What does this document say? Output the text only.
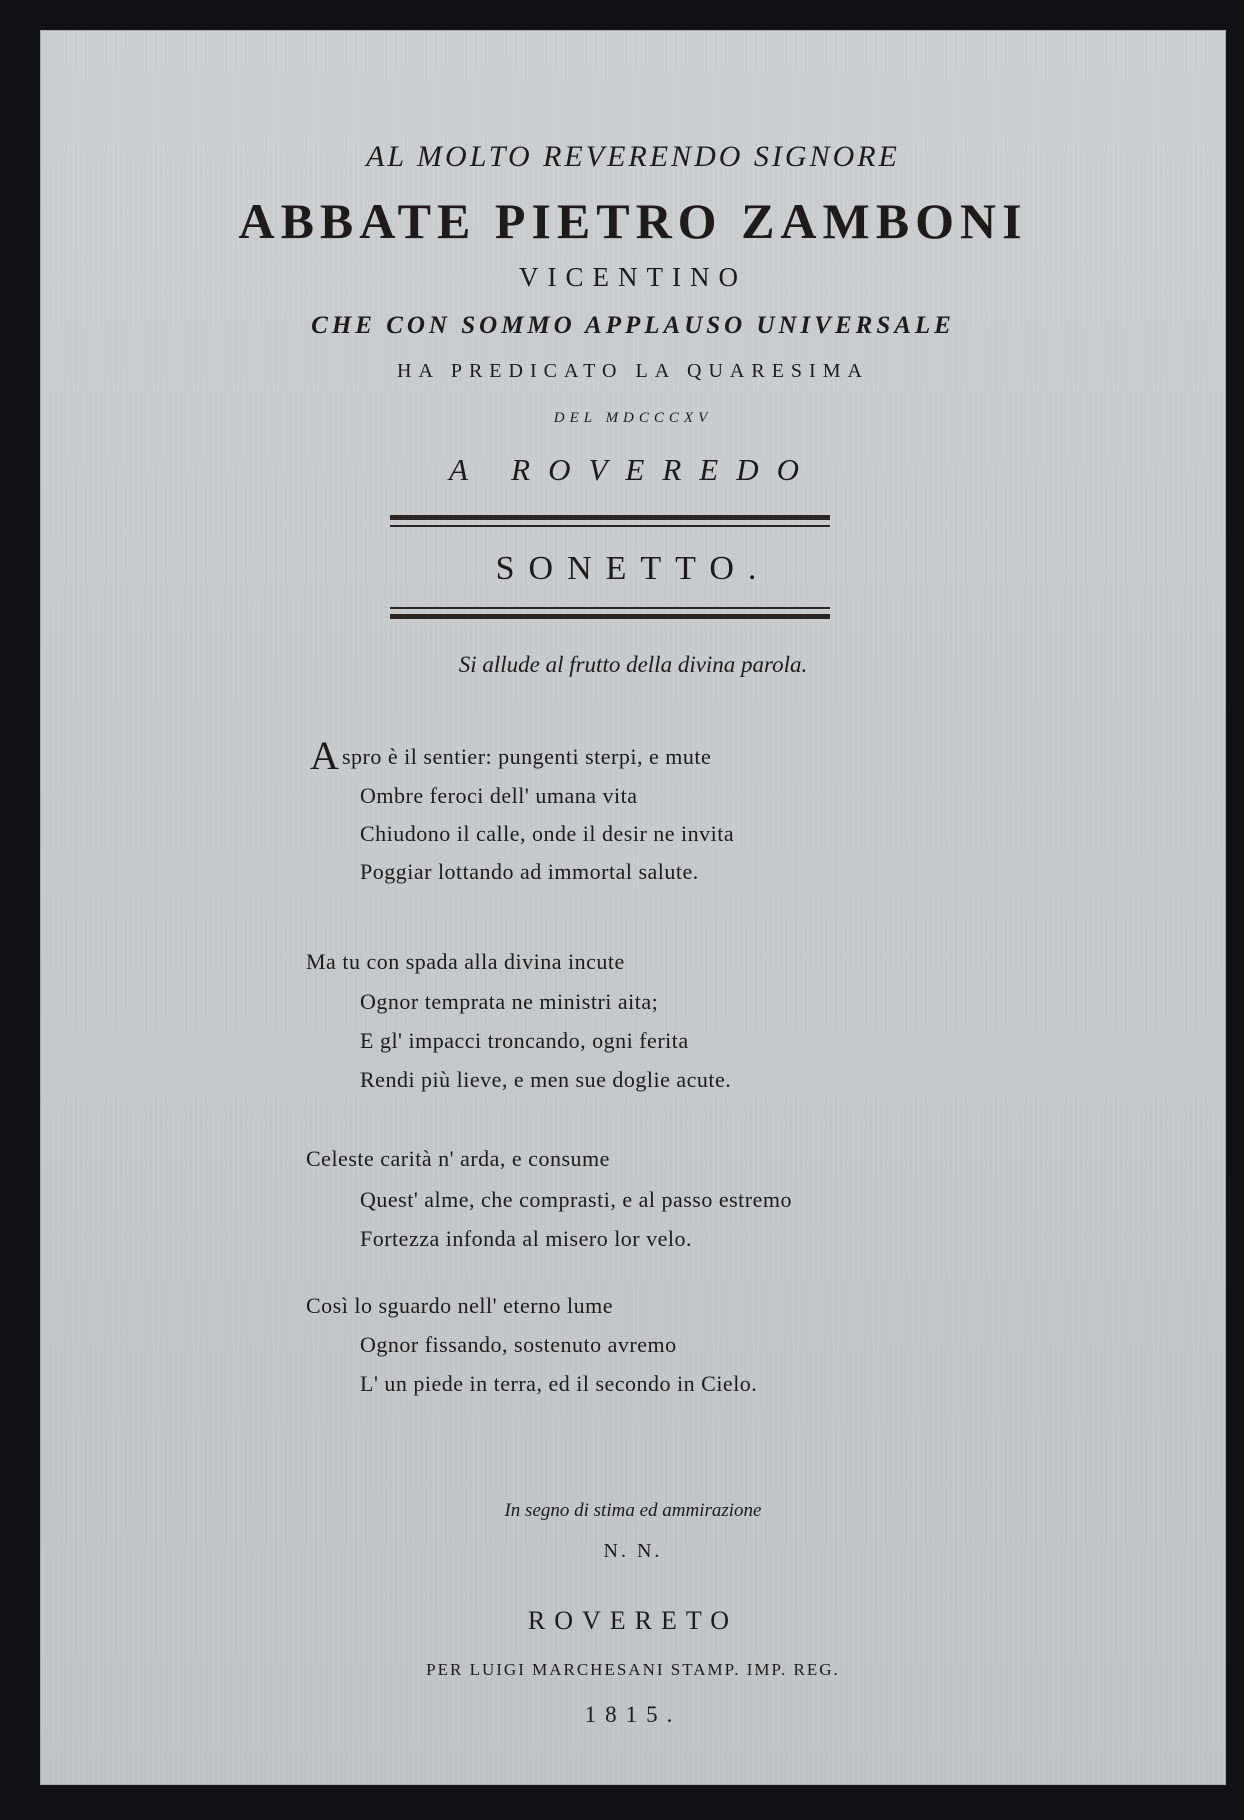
AL MOLTO REVERENDO SIGNORE
ABBATE PIETRO ZAMBONI
VICENTINO
CHE CON SOMMO APPLAUSO UNIVERSALE
HA PREDICATO LA QUARESIMA
DEL MDCCCXV
A ROVEREDO
SONETTO.
Si allude al frutto della divina parola.
A spro è il sentier: pungenti sterpi, e mute
Ombre feroci dell' umana vita
Chiudono il calle, onde il desir ne invita
Poggiar lottando ad immortal salute.
Ma tu con spada alla divina incute
Ognor temprata ne ministri aita;
E gl' impacci troncando, ogni ferita
Rendi più lieve, e men sue doglie acute.
Celeste carità n' arda, e consume
Quest' alme, che comprasti, e al passo estremo
Fortezza infonda al misero lor velo.
Così lo sguardo nell' eterno lume
Ognor fissando, sostenuto avremo
L' un piede in terra, ed il secondo in Cielo.
In segno di stima ed ammirazione
N. N.
ROVERETO
PER LUIGI MARCHESANI STAMP. IMP. REG.
1815.
